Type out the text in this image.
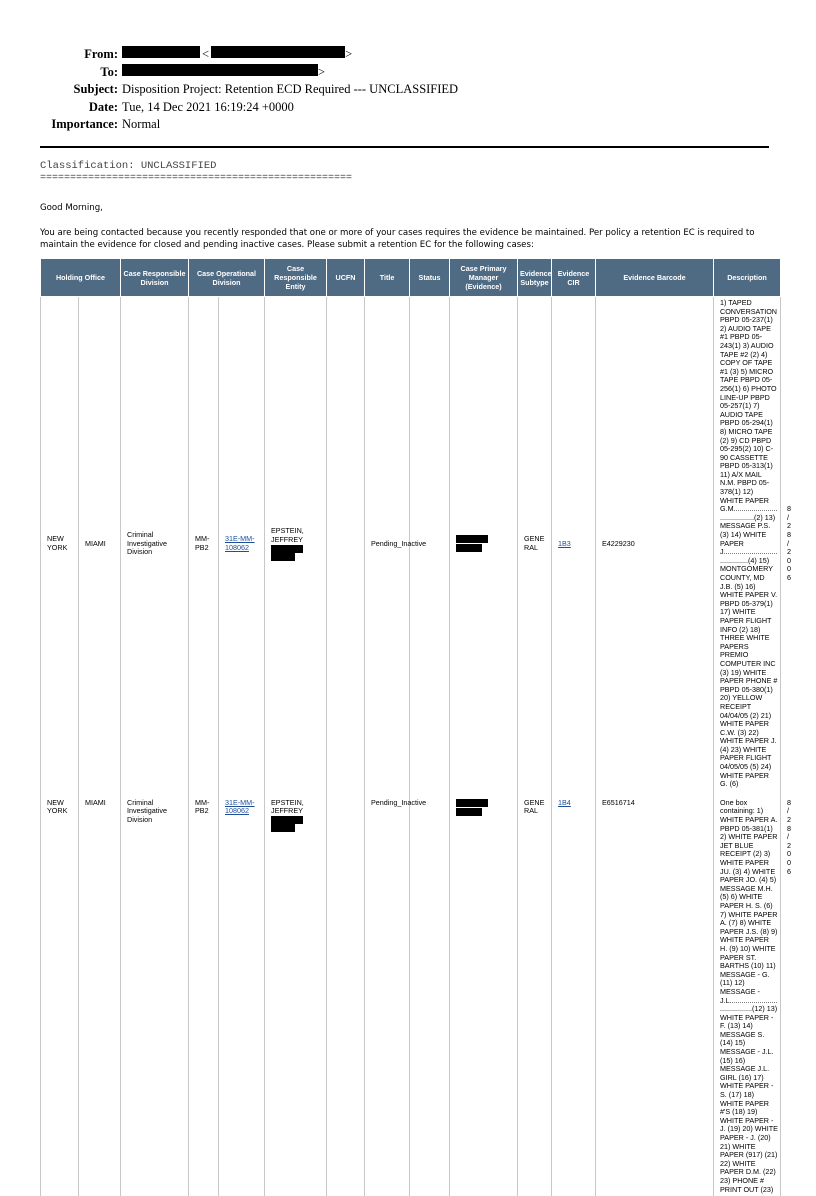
From:	<	>
To:	>
Subject: Disposition Project: Retention ECD Required --- UNCLASSIFIED
Date: Tue, 14 Dec 2021 16:19:24 +0000
Importance: Normal
Classification: UNCLASSIFIED
====================================================
Good Morning,
You are being contacted because you recently responded that one or more of your cases requires the evidence be maintained. Per policy a retention EC is required to maintain the evidence for closed and pending inactive cases. Please submit a retention EC for the following cases:
Holding Office		Case Responsible Division	Case Operational Division		Case Responsible Entity	UCFN	Title	Status	Case Primary Manager (Evidence)	Evidence Subtype	Evidence CIR	Evidence Barcode	Description	Collected On Date
NEW YORK	MIAMI	Criminal Investigative Division	MM-PB2	31E-MM-108062	EPSTEIN, JEFFREY		Pending_Inactive			GENERAL	1B3	E4229230	1) TAPED CONVERSATION PBPD 05-237(1) 2) AUDIO TAPE #1 PBPD 05-243(1) 3) AUDIO TAPE #2 (2) 4) COPY OF TAPE #1 (3) 5) MICRO TAPE PBPD 05-256(1) 6) PHOTO LINE-UP PBPD 05-257(1) 7) AUDIO TAPE PBPD 05-294(1) 8) MICRO TAPE (2) 9) CD PBPD 05-295(2) 10) C-90 CASSETTE PBPD 05-313(1) 11) A/X MAIL N.M. PBPD 05-378(1) 12) WHITE PAPER G.M.......................................(2) 13) MESSAGE P.S. (3) 14) WHITE PAPER J.........................................(4) 15) MONTGOMERY COUNTY, MD J.B. (5) 16) WHITE PAPER V. PBPD 05-379(1) 17) WHITE PAPER FLIGHT INFO (2) 18) THREE WHITE PAPERS PREMIO COMPUTER INC (3) 19) WHITE PAPER PHONE # PBPD 05-380(1) 20) YELLOW RECEIPT 04/04/05 (2) 21) WHITE PAPER C.W. (3) 22) WHITE PAPER J. (4) 23) WHITE PAPER FLIGHT 04/05/05 (5) 24) WHITE PAPER G. (6)	8/28/2006
NEW YORK	MIAMI	Criminal Investigative Division	MM-PB2	31E-MM-108062	EPSTEIN, JEFFREY		Pending_Inactive			GENERAL	1B4	E6516714	One box containing: 1) WHITE PAPER A. PBPD 05-381(1) 2) WHITE PAPER JET BLUE RECEIPT (2) 3) WHITE PAPER JU. (3) 4) WHITE PAPER JO. (4) 5) MESSAGE M.H. (5) 6) WHITE PAPER H. S. (6) 7) WHITE PAPER A. (7) 8) WHITE PAPER J.S. (8) 9) WHITE PAPER H. (9) 10) WHITE PAPER ST. BARTHS (10) 11) MESSAGE - G. (11) 12) MESSAGE - J.L........................................(12) 13) WHITE PAPER - F. (13) 14) MESSAGE S. (14) 15) MESSAGE - J.L. (15) 16) MESSAGE J.L. GIRL (16) 17) WHITE PAPER - S. (17) 18) WHITE PAPER #'S (18) 19) WHITE PAPER - J. (19) 20) WHITE PAPER - J. (20) 21) WHITE PAPER (917) (21) 22) WHITE PAPER D.M. (22) 23) PHONE # PRINT OUT (23)	8/28/2006
